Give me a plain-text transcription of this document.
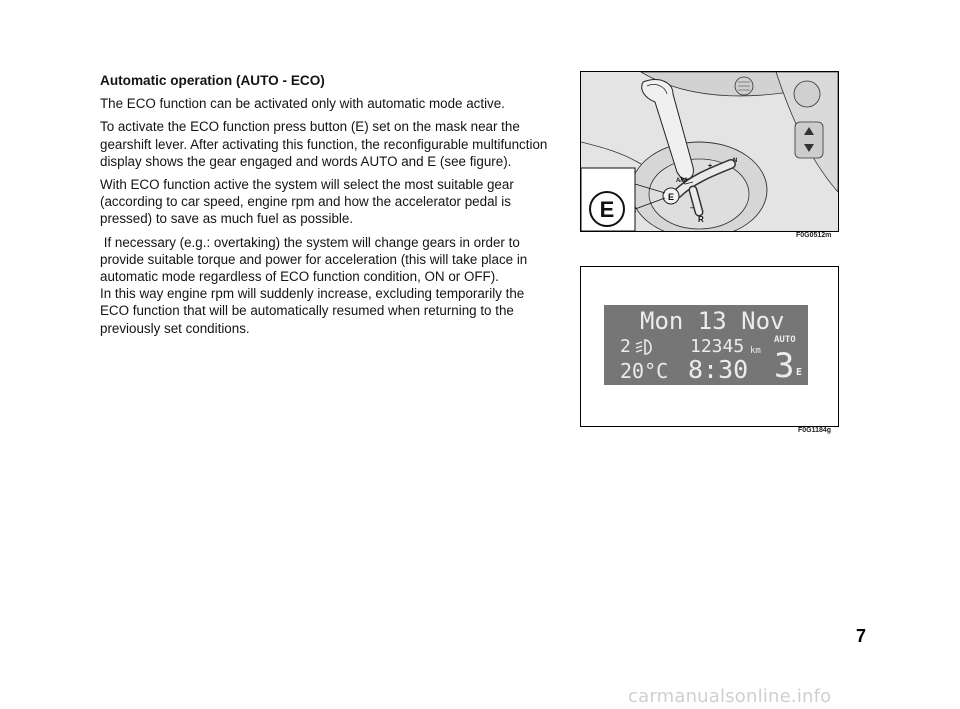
Automatic operation (AUTO - ECO)

The ECO function can be activated only with automatic mode active.

To activate the ECO function press button (E) set on the mask near the gearshift lever. After activating this function, the reconfigurable multifunction display shows the gear engaged and words AUTO and E (see figure).

With ECO function active the system will select the most suitable gear (according to car speed, engine rpm and how the accelerator pedal is pressed) to save as much fuel as possible.

If necessary (e.g.: overtaking) the system will change gears in order to provide suitable torque and power for acceleration (this will take place in automatic mode regardless of ECO function condition, ON or OFF).

In this way engine rpm will suddenly increase, excluding temporarily the ECO function that will be automatically resumed when returning to the previously set conditions.

E
A/M
+
N
–
R
E
F0G0512m
Mon 13 Nov
2	12345 km
AUTO
20°C 8:30 3 E
F0G1184g
7
carmanualsonline.info
